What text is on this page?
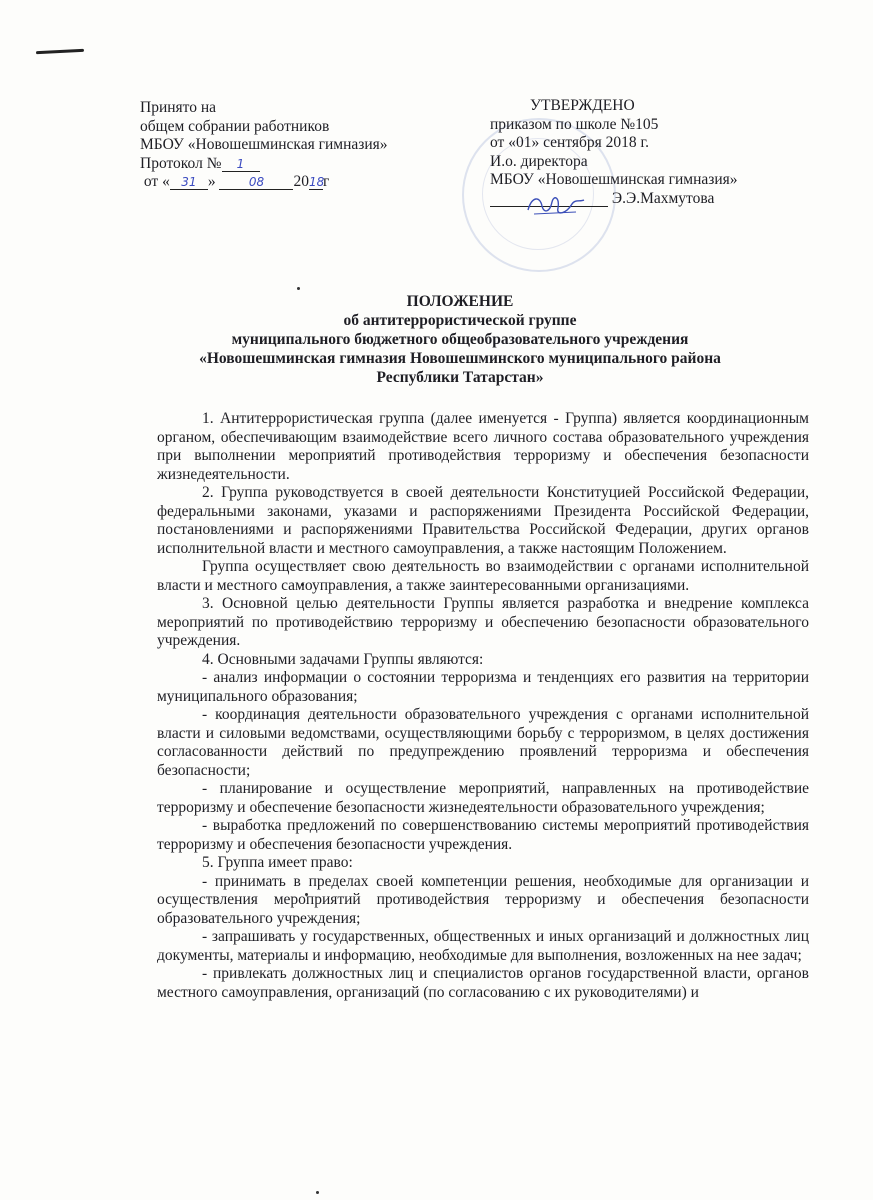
Принято на
общем собрании работников
МБОУ «Новошешминская гимназия»
Протокол № 1
от « 31 »	08 2018г
УТВЕРЖДЕНО
приказом по школе №105
от «01» сентября 2018 г.
И.о. директора
МБОУ «Новошешминская гимназия»
Э.Э.Махмутова
ПОЛОЖЕНИЕ
об антитеррористической группе
муниципального бюджетного общеобразовательного учреждения
«Новошешминская гимназия Новошешминского муниципального района
Республики Татарстан»

1. Антитеррористическая группа (далее именуется - Группа) является координационным органом, обеспечивающим взаимодействие всего личного состава образовательного учреждения при выполнении мероприятий противодействия терроризму и обеспечения безопасности жизнедеятельности.

2. Группа руководствуется в своей деятельности Конституцией Российской Федерации, федеральными законами, указами и распоряжениями Президента Российской Федерации, постановлениями и распоряжениями Правительства Российской Федерации, других органов исполнительной власти и местного самоуправления, а также настоящим Положением.

Группа осуществляет свою деятельность во взаимодействии с органами исполнительной власти и местного самоуправления, а также заинтересованными организациями.

3. Основной целью деятельности Группы является разработка и внедрение комплекса мероприятий по противодействию терроризму и обеспечению безопасности образовательного учреждения.

4. Основными задачами Группы являются:

- анализ информации о состоянии терроризма и тенденциях его развития на территории муниципального образования;

- координация деятельности образовательного учреждения с органами исполнительной власти и силовыми ведомствами, осуществляющими борьбу с терроризмом, в целях достижения согласованности действий по предупреждению проявлений терроризма и обеспечения безопасности;

- планирование и осуществление мероприятий, направленных на противодействие терроризму и обеспечение безопасности жизнедеятельности образовательного учреждения;

- выработка предложений по совершенствованию системы мероприятий противодействия терроризму и обеспечения безопасности учреждения.

5. Группа имеет право:

- принимать в пределах своей компетенции решения, необходимые для организации и осуществления мероприятий противодействия терроризму и обеспечения безопасности образовательного учреждения;

- запрашивать у государственных, общественных и иных организаций и должностных лиц документы, материалы и информацию, необходимые для выполнения, возложенных на нее задач;

- привлекать должностных лиц и специалистов органов государственной власти, органов местного самоуправления, организаций (по согласованию с их руководителями) и
